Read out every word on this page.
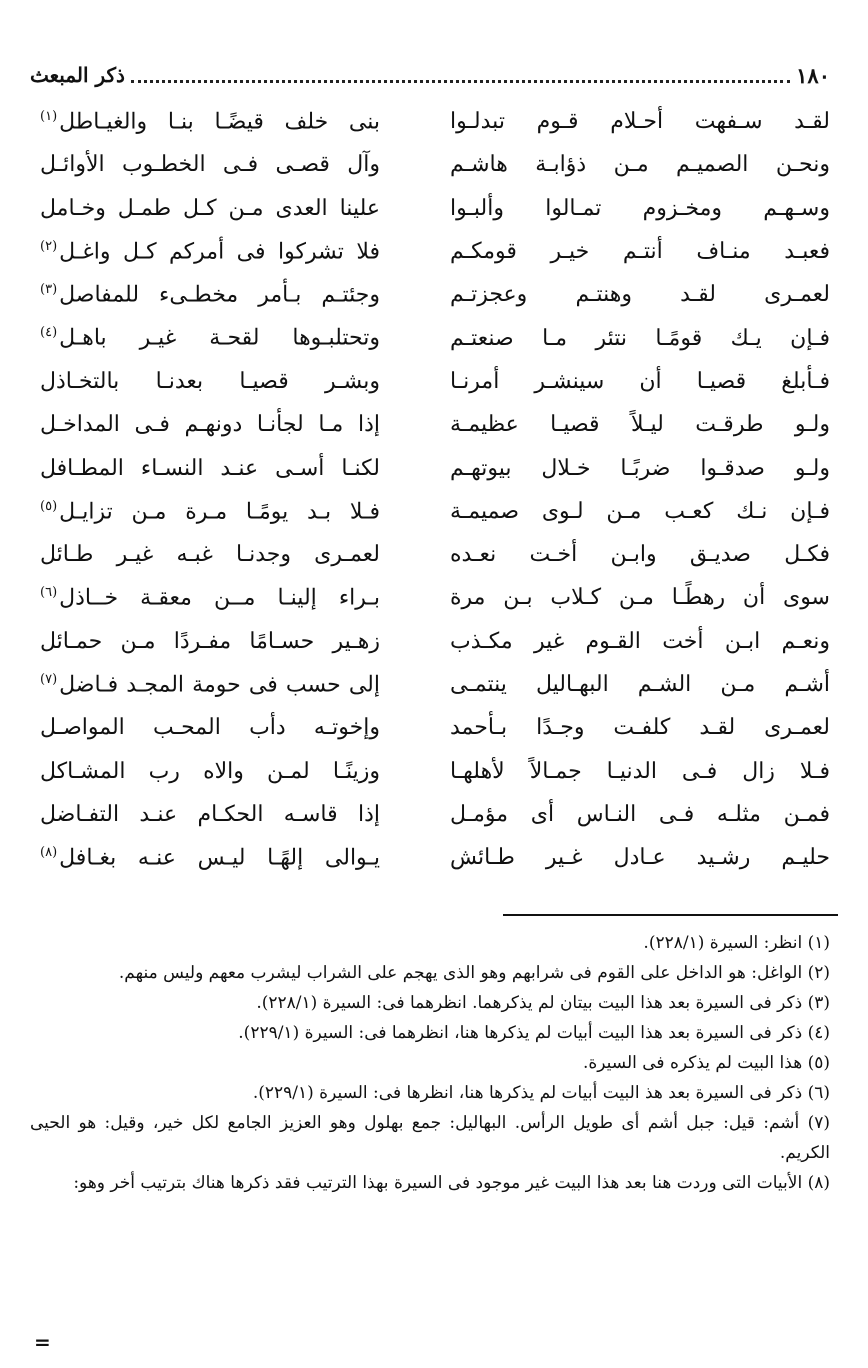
١٨٠
ذكر المبعث
لقـد سـفهت أحـلام قـوم تبدلـوا
بنى خلف قيضًـا بنـا والغيـاطل$^{(١)}$
ونحـن الصميـم مـن ذؤابـة هاشـم
وآل قصـى فـى الخطـوب الأوائـل
وسـهـم ومخـزوم تمـالوا وألبـوا
علينا العدى مـن كـل طمـل وخـامل
فعبـد منـاف أنتـم خيـر قومكـم
فلا تشركوا فى أمركم كـل واغـل$^{(٢)}$
لعمـرى لقـد وهنتـم وعجزتـم
وجئتـم بـأمر مخطـىء للمفاصل$^{(٣)}$
فـإن يـك قومًـا نتئر مـا صنعتـم
وتحتلبـوها لقحـة غيـر باهـل$^{(٤)}$
فـأبلغ قصيـا أن سينشـر أمرنـا
وبشـر قصيـا بعدنـا بالتخـاذل
ولـو طرقـت ليـلاً قصيـا عظيمـة
إذا مـا لجأنـا دونهـم فـى المداخـل
ولـو صدقـوا ضربًـا خـلال بيوتهـم
لكنـا أسـى عنـد النسـاء المطـافل
فـإن نـك كعـب مـن لـوى صميمـة
فـلا بـد يومًـا مـرة مـن تزايـل$^{(٥)}$
فكـل صديـق وابـن أخـت نعـده
لعمـرى وجدنـا غبـه غيـر طـائل
سوى أن رهطًـا مـن كـلاب بـن مرة
بـراء إلينـا مــن معقـة خــاذل$^{(٦)}$
ونعـم ابـن أخت القـوم غير مكـذب
زهـير حسـامًا مفـردًا مـن حمـائل
أشـم مـن الشـم البهـاليل ينتمـى
إلى حسب فى حومة المجـد فـاضل$^{(٧)}$
لعمـرى لقـد كلفـت وجـدًا بـأحمد
وإخوتـه دأب المحـب المواصـل
فـلا زال فـى الدنيـا جمـالاً لأهلهـا
وزينًـا لمـن والاه رب المشـاكل
فمـن مثلـه فـى النـاس أى مؤمـل
إذا قاسـه الحكـام عنـد التفـاضل
حليـم رشـيد عـادل غـير طـائش
يـوالى إلهًـا ليـس عنـه بغـافل$^{(٨)}$
(١) انظر: السيرة (٢٢٨/١).
(٢) الواغل: هو الداخل على القوم فى شرابهم وهو الذى يهجم على الشراب ليشرب معهم وليس منهم.
(٣) ذكر فى السيرة بعد هذا البيت بيتان لم يذكرهما. انظرهما فى: السيرة (٢٢٨/١).
(٤) ذكر فى السيرة بعد هذا البيت أبيات لم يذكرها هنا، انظرهما فى: السيرة (٢٢٩/١).
(٥) هذا البيت لم يذكره فى السيرة.
(٦) ذكر فى السيرة بعد هذ البيت أبيات لم يذكرها هنا، انظرها فى: السيرة (٢٢٩/١).
(٧) أشم: قيل: جبل أشم أى طويل الرأس. البهاليل: جمع بهلول وهو العزيز الجامع لكل خير، وقيل: هو الحيى الكريم.
(٨) الأبيات التى وردت هنا بعد هذا البيت غير موجود فى السيرة بهذا الترتيب فقد ذكرها هناك بترتيب أخر وهو:
=
